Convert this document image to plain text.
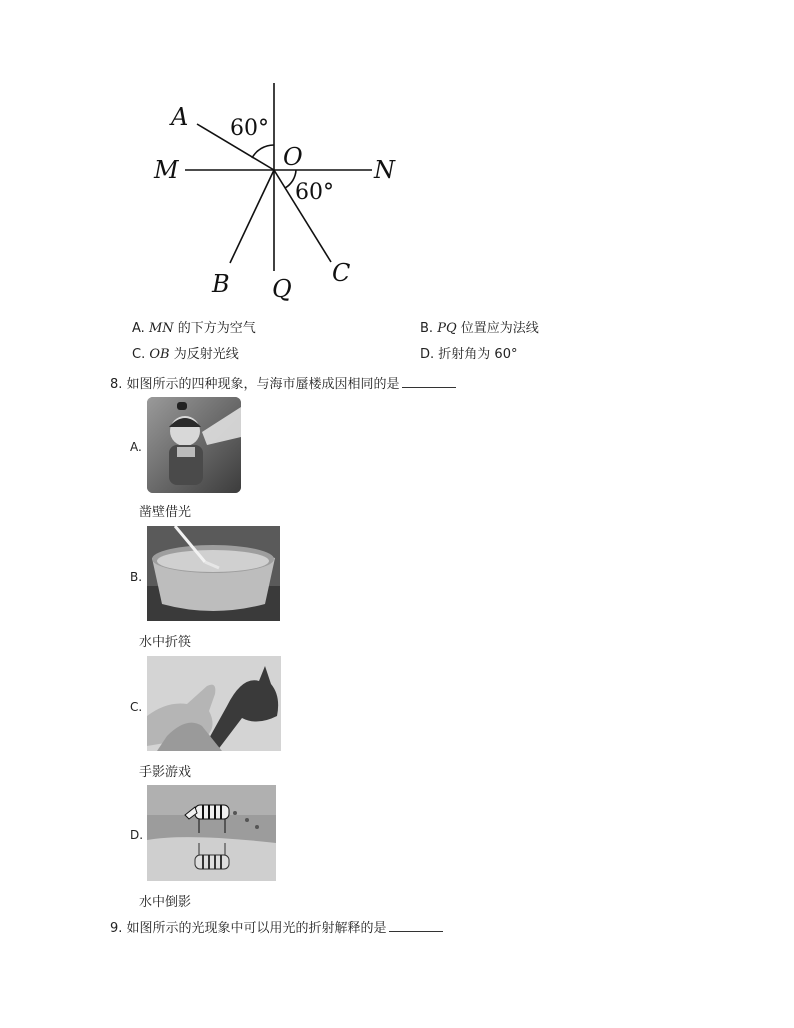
A
M	O	N
B Q
C
60°
60°
A. MN 的下方为空气	B. PQ 位置应为法线
C. OB 为反射光线	D. 折射角为 60°
8. 如图所示的四种现象，与海市蜃楼成因相同的是
A.
凿壁借光
B.
水中折筷
C.
手影游戏
D.
水中倒影
9. 如图所示的光现象中可以用光的折射解释的是
